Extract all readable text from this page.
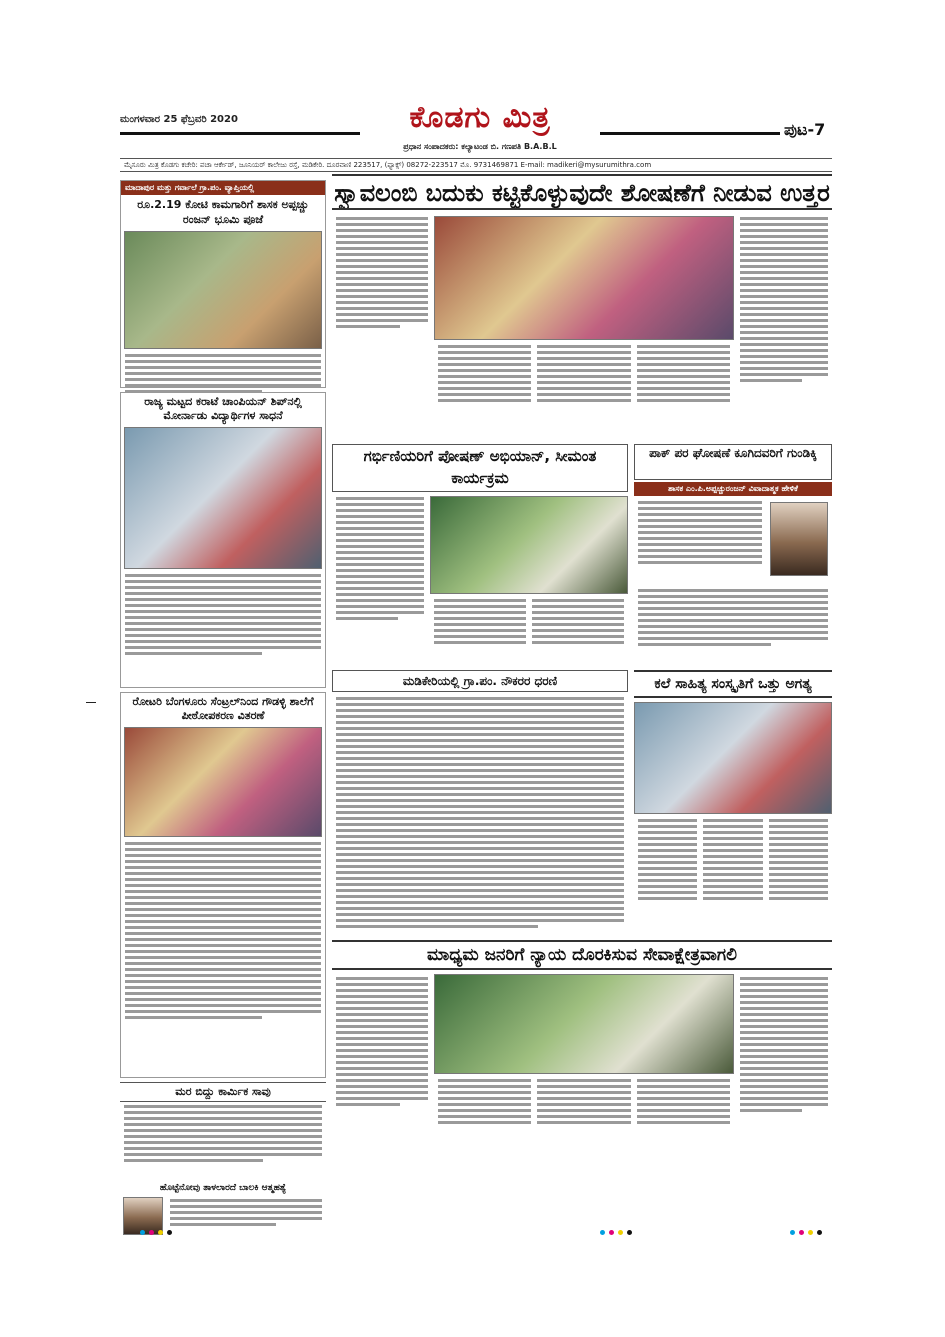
ಮಂಗಳವಾರ 25 ಫೆಬ್ರವರಿ 2020	ಕೊಡಗು ಮಿತ್ರ
ಪ್ರಧಾನ ಸಂಪಾದಕರು: ಕಲ್ಯಾಟಂಡ ಬಿ. ಗಣಪತಿ B.A.B.L
ಪುಟ-7
ಮೈಸೂರು ಮಿತ್ರ ಕೊಡಗು ಕಚೇರಿ: ಪಚಾ ಆರ್ಕೇಡ್, ಜೂನಿಯರ್ ಕಾಲೇಜು ರಸ್ತೆ, ಮಡಿಕೇರಿ. ದೂರವಾಣಿ 223517, (ಫ್ಯಾಕ್ಸ್) 08272-223517 ಮೊ. 9731469871 E-mail: madikeri@mysurumithra.com
ಮಾದಾಪುರ ಮತ್ತು ಗರ್ವಾಲೆ ಗ್ರಾ.ಪಂ. ವ್ಯಾಪ್ತಿಯಲ್ಲಿ
ರೂ.2.19 ಕೋಟಿ ಕಾಮಗಾರಿಗೆ ಶಾಸಕ ಅಪ್ಪಚ್ಚು ರಂಜನ್ ಭೂಮಿ ಪೂಜೆ
ರಾಜ್ಯ ಮಟ್ಟದ ಕರಾಟೆ ಚಾಂಪಿಯನ್ ಶಿಪ್‌ನಲ್ಲಿ ಮೋರ್ನಾಡು ವಿದ್ಯಾರ್ಥಿಗಳ ಸಾಧನೆ
ರೋಟರಿ ಬೆಂಗಳೂರು ಸೆಂಟ್ರಲ್‌ನಿಂದ ಗೌಡಳ್ಳಿ ಶಾಲೆಗೆ ಪೀಠೋಪಕರಣ ವಿತರಣೆ
ಮರ ಬಿದ್ದು ಕಾರ್ಮಿಕ ಸಾವು
ಹೊಟ್ಟೆನೋವು ತಾಳಲಾರದೆ ಬಾಲಕಿ ಆತ್ಮಹತ್ಯೆ
ಸ್ವಾವಲಂಬಿ ಬದುಕು ಕಟ್ಟಿಕೊಳ್ಳುವುದೇ ಶೋಷಣೆಗೆ ನೀಡುವ ಉತ್ತರ
ಗರ್ಭಿಣಿಯರಿಗೆ ಪೋಷಣ್ ಅಭಿಯಾನ್, ಸೀಮಂತ ಕಾರ್ಯಕ್ರಮ
ಪಾಕ್ ಪರ ಘೋಷಣೆ ಕೂಗಿದವರಿಗೆ ಗುಂಡಿಕ್ಕಿ
ಶಾಸಕ ಎಂ.ಪಿ.ಅಪ್ಪಚ್ಚುರಂಜನ್ ವಿವಾದಾತ್ಮಕ ಹೇಳಿಕೆ
ಮಡಿಕೇರಿಯಲ್ಲಿ ಗ್ರಾ.ಪಂ. ನೌಕರರ ಧರಣಿ	ಕಲೆ ಸಾಹಿತ್ಯ ಸಂಸ್ಕೃತಿಗೆ ಒತ್ತು ಅಗತ್ಯ
ಮಾಧ್ಯಮ ಜನರಿಗೆ ನ್ಯಾಯ ದೊರಕಿಸುವ ಸೇವಾಕ್ಷೇತ್ರವಾಗಲಿ
